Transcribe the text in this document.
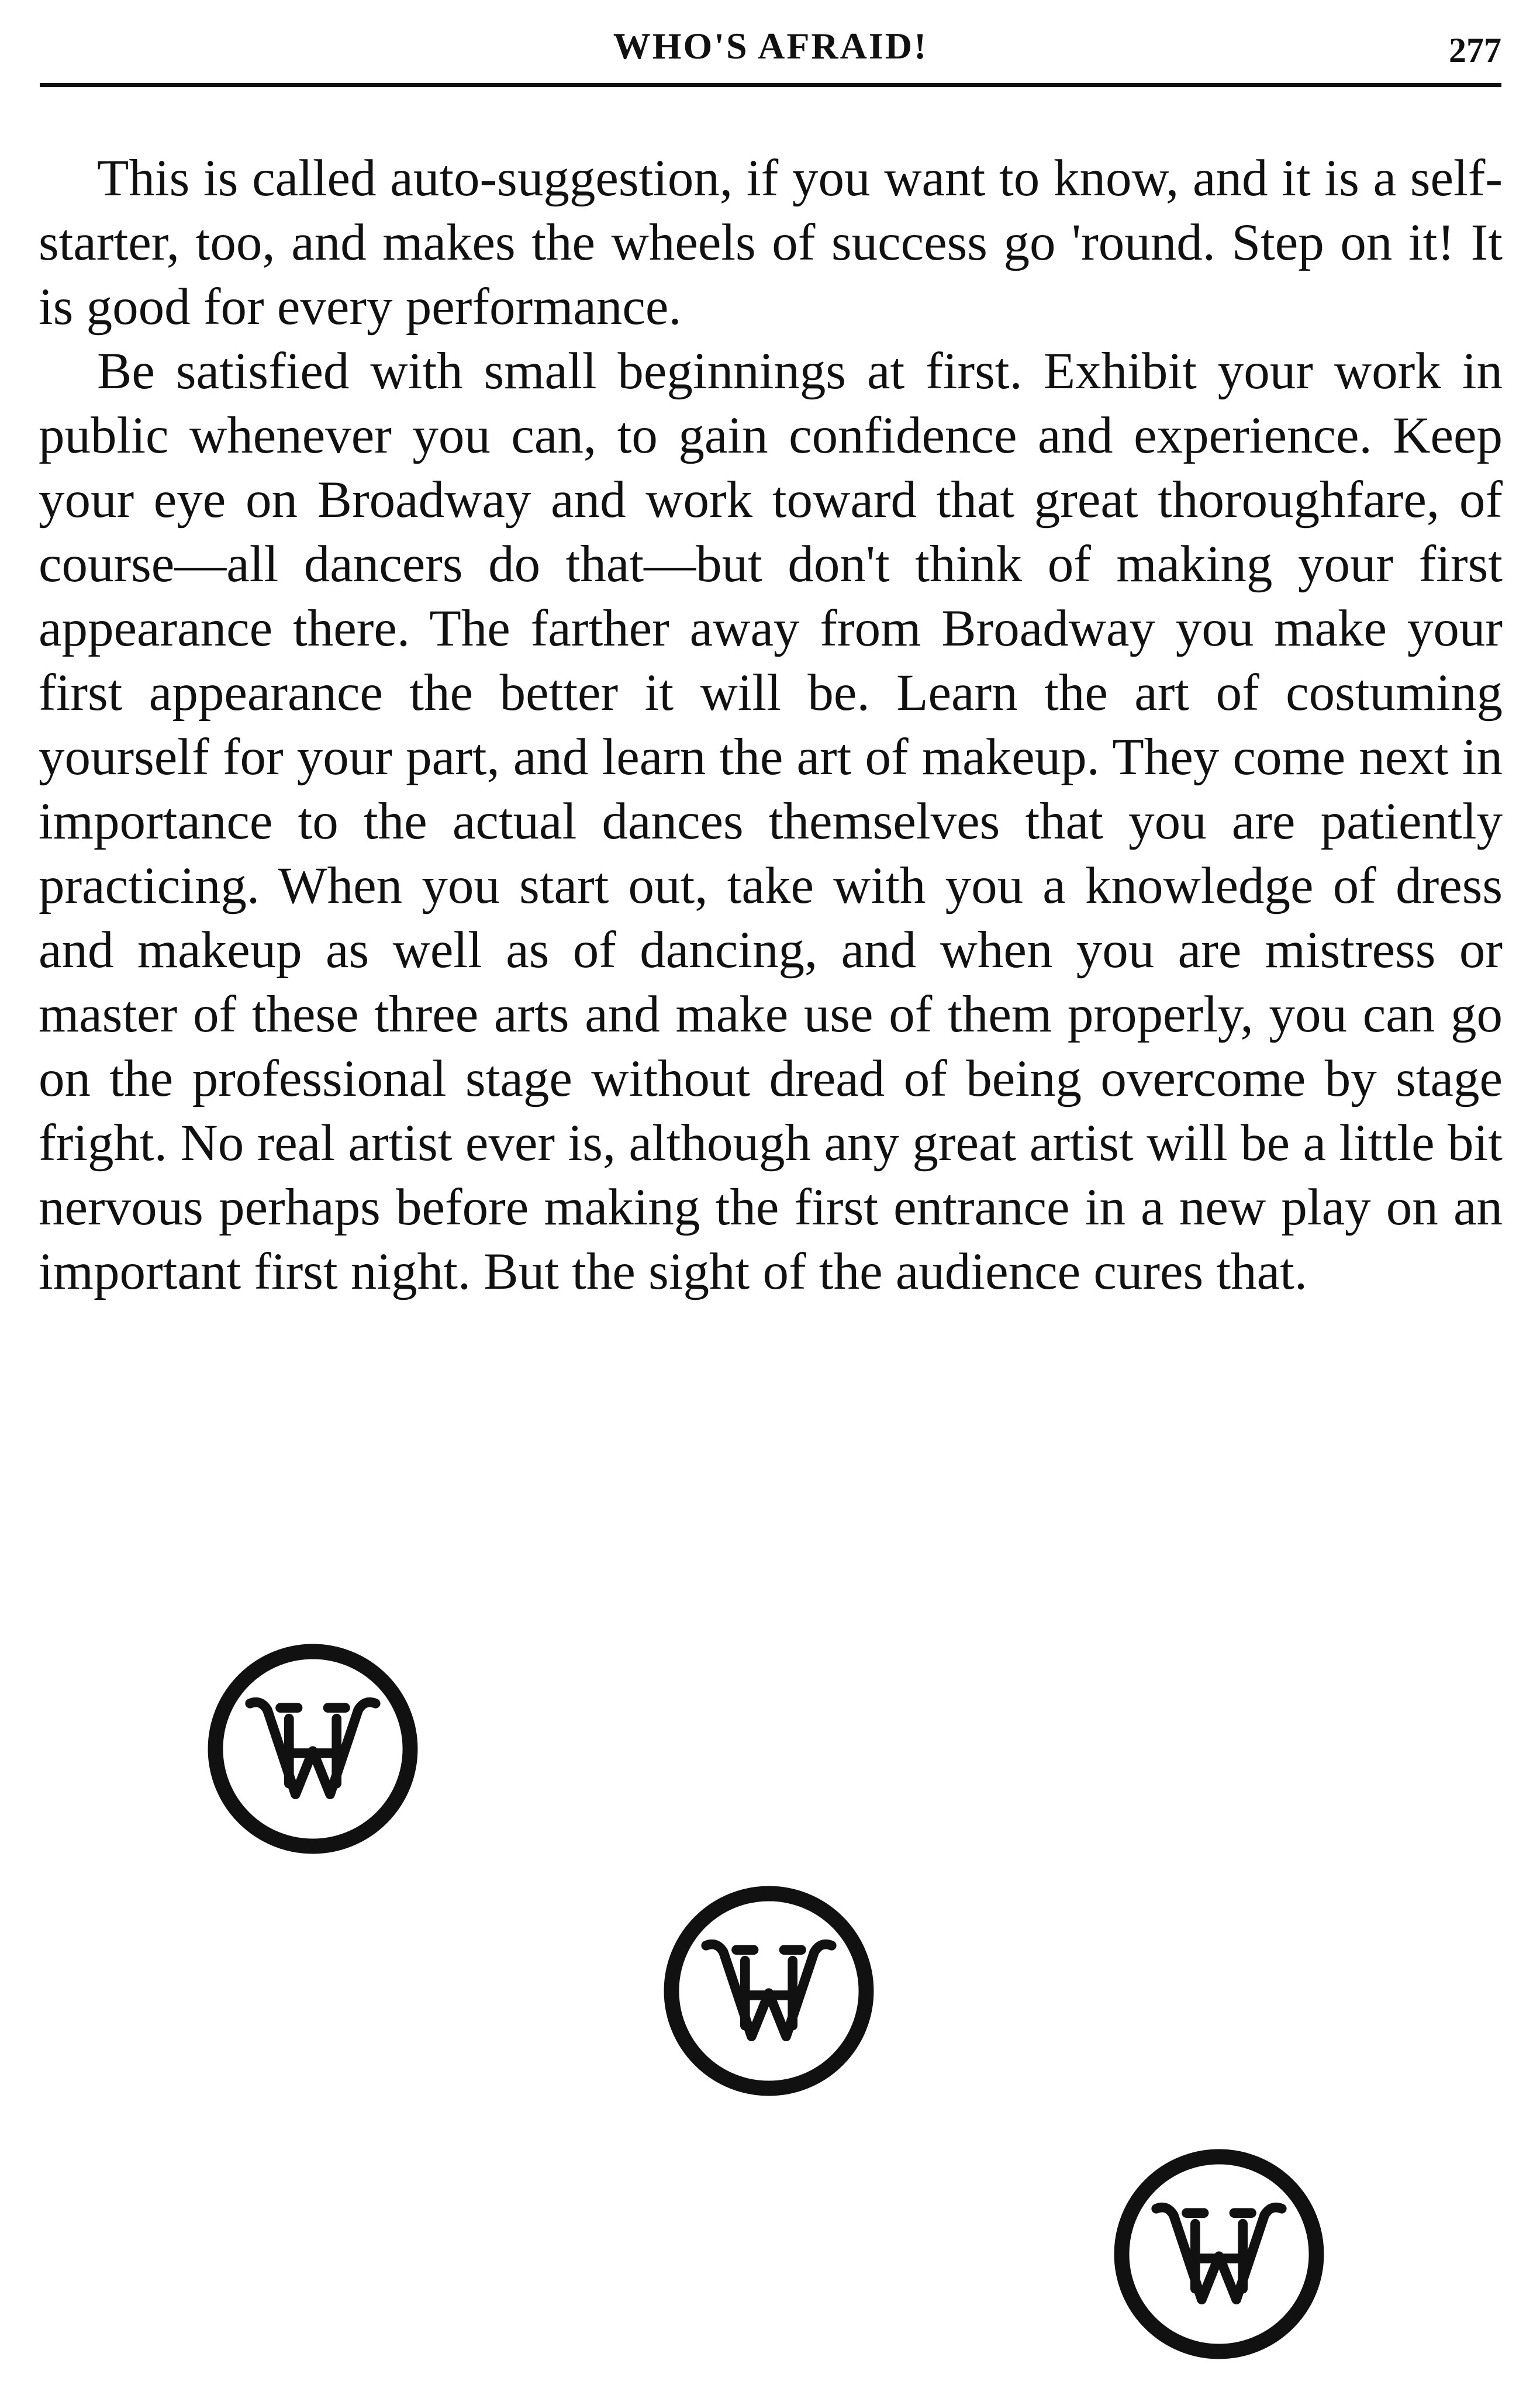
WHO'S AFRAID!	277

This is called auto-suggestion, if you want to know, and it is a self-starter, too, and makes the wheels of success go 'round. Step on it! It is good for every performance.

Be satisfied with small beginnings at first. Exhibit your work in public whenever you can, to gain confidence and experience. Keep your eye on Broadway and work toward that great thoroughfare, of course—all dancers do that—but don't think of making your first appearance there. The farther away from Broadway you make your first appearance the better it will be. Learn the art of costuming yourself for your part, and learn the art of makeup. They come next in importance to the actual dances themselves that you are patiently practicing. When you start out, take with you a knowledge of dress and makeup as well as of dancing, and when you are mistress or master of these three arts and make use of them properly, you can go on the professional stage without dread of being overcome by stage fright. No real artist ever is, although any great artist will be a little bit nervous perhaps before making the first entrance in a new play on an important first night. But the sight of the audience cures that.
